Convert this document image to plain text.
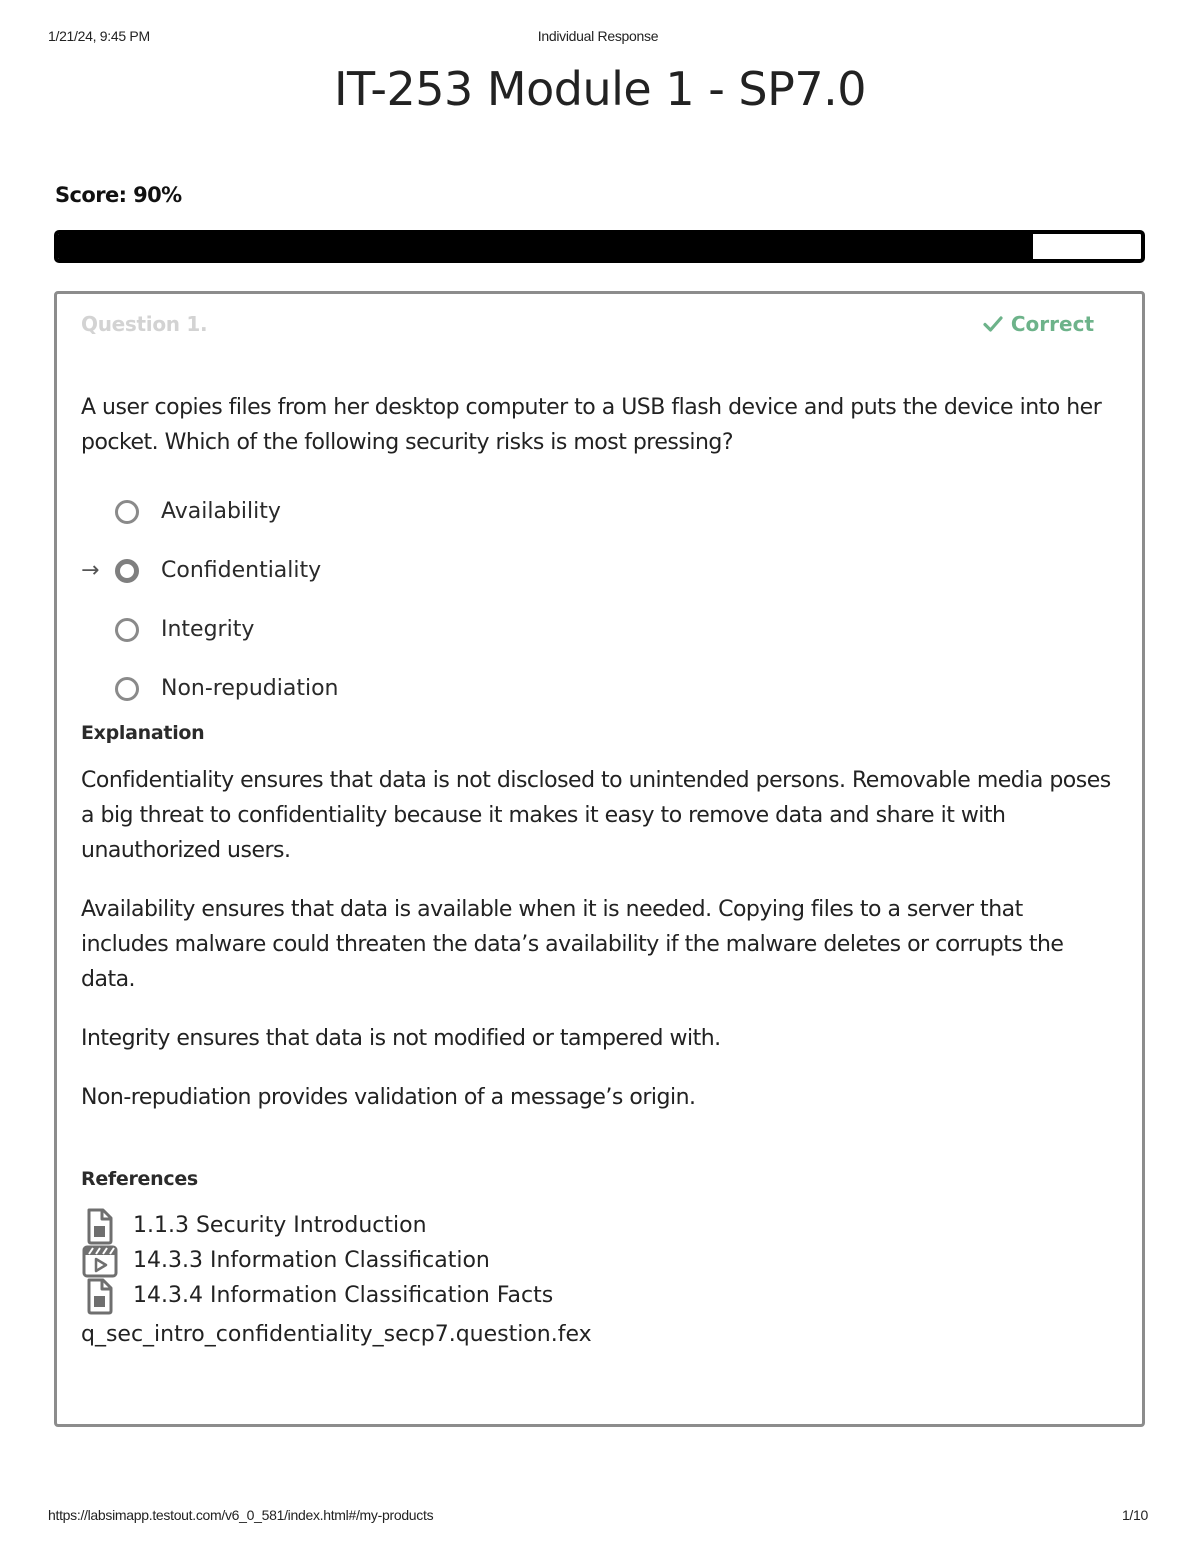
1/21/24, 9:45 PM	Individual Response
IT-253 Module 1 - SP7.0
Score: 90%
Question 1.	Correct
A user copies files from her desktop computer to a USB flash device and puts the device into her pocket. Which of the following security risks is most pressing?
Availability
→	Confidentiality
Integrity
Non-repudiation
Explanation

Confidentiality ensures that data is not disclosed to unintended persons. Removable media poses a big threat to confidentiality because it makes it easy to remove data and share it with unauthorized users.

Availability ensures that data is available when it is needed. Copying files to a server that includes malware could threaten the data’s availability if the malware deletes or corrupts the data.

Integrity ensures that data is not modified or tampered with.

Non-repudiation provides validation of a message’s origin.

References
1.1.3 Security Introduction
14.3.3 Information Classification
14.3.4 Information Classification Facts
q_sec_intro_confidentiality_secp7.question.fex
https://labsimapp.testout.com/v6_0_581/index.html#/my-products	1/10
